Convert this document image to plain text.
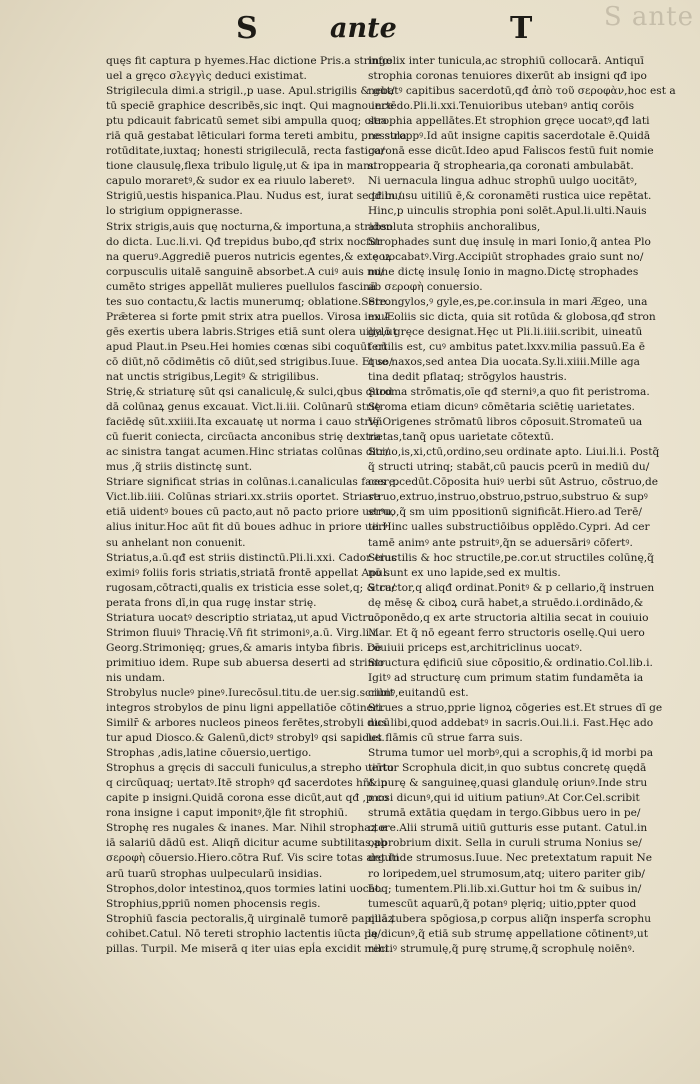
S ante
S	ante	T
quęs fit captura p hyemes.Hac dictione Pris.a stringo
uel a gręco σλεγγὶς deduci existimat.
Strigilecula dimi.a strigil.,p uase. Apul.strigilis & gut/
tū speciē graphice describēs,sic inqt. Qui magno ince
ptu pdicauit fabricatū semet sibi ampulla quoq; olea
riā quā gestabat lēticulari forma tereti ambitu, pressula
rotūditate,iuxtaq; honesti strigileculā, recta fastiga/
tione clausulę,flexa tribulo ligulę,ut & ipa in manu
capulo moraretꝰ,& sudor ex ea riuulo laberetꝰ.
Strigiū,uestis hispanica.Plau. Nudus est, iurat se tribu/
lo strigium oppignerasse.
Strix strigis,auis quę nocturna,& importuna,a striden
do dicta. Luc.li.vi. Qđ trepidus bubo,qđ strix nocfur
na queruꝰ.Aggrediē pueros nutricis egentes,& ex eoꝝ
corpusculis uitalē sanguinē absorbet.A cuiꝰ auis no/
cumēto striges appellāt mulieres puellulos fascinā
tes suo contactu,& lactis munerumq; oblatione.Sere.
Prǣterea si forte pmit strix atra puellos. Virosa imul
gēs exertis ubera labris.Striges etiā sunt olera uilia,ut
apud Plaut.in Pseu.Hei homies cœnas sibi coquūt cū
cō diūt,nō cōdimētis cō diūt,sed strigibus.Iuue. Et so/
nat unctis strigibus,Legitꝰ & strigilibus.
Strię,& striaturę sūt qsi canaliculę,& sulci,qbus quod
dā colūnaꝝ genus excauat. Vict.li.iii. Colūnarū strię
faciēdę sūt.xxiiii.Ita excauatę ut norma i cauo strię
cū fuerit coniecta, circūacta anconibus strię dextra
ac sinistra tangat acumen.Hinc striatas colūnas dici/
mus ,q̃ striis distinctę sunt.
Striare significat strias in colūnas.i.canaliculas facere.
Vict.lib.iiii. Colūnas striari.xx.striis oportet. Striare
etiā uidentꝰ boues cū pacto,aut nō pacto priore uerꝰu,
alius initur.Hoc aūt fit dū boues adhuc in priore uerꝰ
su anhelant non conuenit.
Striatus,a.ū.qđ est striis distinctū.Pli.li.xxi. Cador eius
eximiꝰ foliis foris striatis,striatā frontē appellat Apul.
rugosam,cōtracti,qualis ex tristicia esse solet,q; & ca/
perata frons dī,in qua rugę instar strię.
Striatura uocatꝰ descriptio striataꝝ,ut apud Victru.
Strimon fluuiꝰ Thracię.Vñ fit strimoniꝰ,a.ū. Virg.li.i.
Georg.Strimonięq; grues,& amaris intyba fibris. De
primitiuo idem. Rupe sub abuersa deserti ad strimo
nis undam.
Strobylus nucleꝰ pineꝰ.Iurecōsul.titu.de uer.sig.scribit
integros strobylos de pinu ligni appellatiōe cōtineri.
Similr̄ & arbores nucleos pineos ferētes,strobyli dicū
tur apud Diosco.& Galenū,dictꝰ strobylꝰ qsi sapidus.
Strophas ,adis,latine cōuersio,uertigo.
Strophus a gręcis di sacculi funiculus,a strepho uerto
q circūquaq; uertatꝰ.Itē strophꝰ qđ sacerdotes hñt in
capite p insigni.Quidā corona esse dicūt,aut qđ ,p co
rona insigne i caput imponitꝰ,q̃le fit strophiū.
Strophę res nugales & inanes. Mar. Nihil strophaꝝ e
iā salariū dādū est. Aliqñ dicitur acume subtilitas,ab
σεροφὴ cōuersio.Hiero.cōtra Ruf. Vis scire totas arguti
arū tuarū strophas uulpecularū insidias.
Strophos,dolor intestinoꝝ,quos tormies latini uocāt.
Strophius,ppriū nomen phocensis regis.
Strophiū fascia pectoralis,q̃ uirginalē tumorē papillaꝝ
cohibet.Catul. Nō tereti strophio lactentis iūcta pa/
pillas. Turpil. Me miserā q iter uias epĺa excidit mihi
infœlix inter tunicula,ac strophiū collocarā. Antiquī
strophia coronas tenuiores dixerūt ab insigni qđ ipo
nebatꝰ capitibus sacerdotū,qđ ἀπὸ τοῦ σεροφὰν,hoc est a
uertēdo.Pli.li.xxi.Tenuioribus utebanꝰ antiq corōis
strophia appellātes.Et strophion gręce uocatꝰ,qđ lati
ne stroppꝰ.Id aūt insigne capitis sacerdotale ē.Quidā
coronā esse dicūt.Ideo apud Faliscos festū fuit nomie
stroppearia q̃ strophearia,qa coronati ambulabāt.
Ni uernacula lingua adhuc strophū uulgo uocitātꝰ,
qđ in usu uitiliū ē,& coronamēti rustica uice repētat.
Hinc,p uinculis strophia poni solēt.Apul.li.ulti.Nauis
absoluta strophiis anchoralibus,
Strophades sunt duę insulę in mari Ionio,q̃ antea Plo
tę uocabatꝰ.Virg.Accipiūt strophades graio sunt no/
mine dictę insulę Ionio in magno.Dictę strophades
ab σεροφὴ conuersio.
Strongylos,ꝰ gyle,es,pe.cor.insula in mari Ægeo, una
ex Æoliis sic dicta, quia sit rotūda & globosa,qđ stron
gylō gręce designat.Hęc ut Pli.li.iiii.scribit, uineatū
fertilis est, cuꝰ ambitus patet.lxxv.milia passuū.Ea ē
que naxos,sed antea Dia uocata.Sy.li.xiiii.Mille aga
tina dedit pflataq; strōgylos haustris.
Stroma strōmatis,oīe qđ sterniꝰ,a quo fit peristroma.
Stroma etiam dicunꝰ cōmētaria sciētię uarietates.
VñOrigenes strōmatū libros cōposuit.Stromateū ua
rietas,tanq̃ opus uarietate cōtextū.
Struo,is,xi,ctū,ordino,seu ordinate apto. Liui.li.i. Postq̃
q̃ structi utrinq; stabāt,cū paucis pcerū in mediū du/
ces ,pcedūt.Cōposita huiꝰ uerbi sūt Astruo, cōstruo,de
struo,extruo,instruo,obstruo,pstruo,substruo & supꝰ
struo,q̃ sm uim ppositionū significāt.Hiero.ad Terē/
tii.Hinc ualles substructiōibus opplēdo.Cypri. Ad cer
tamē animꝰ ante pstruitꝰ,q̃n se aduersāriꝰ cōfertꝰ.
Structilis & hoc structile,pe.cor.ut structiles colūnę,q̃
nō sunt ex uno lapide,sed ex multis.
Structor,q aliqđ ordinat.Ponitꝰ & p cellario,q̃ instruen
dę mēsę & ciboꝝ curā habet,a struēdo.i.ordinādo,&
cōponēdo,q ex arte structoria altilia secat in couiuio
Mar. Et q̃ nō egeant ferro structoris osellę.Qui uero
cōuiuii priceps est,architriclinus uocatꝰ.
Structura ędificiū siue cōpositio,& ordinatio.Col.lib.i.
Igitꝰ ad structurę cum primum statim fundamēta ia
ciunꝰ,euitandū est.
Strues a struo,pprie lignoꝝ cōgeries est.Et strues dī ge
nus libi,quod addebatꝰ in sacris.Oui.li.i. Fast.Hęc ado
let flāmis cū strue farra suis.
Struma tumor uel morbꝰ,qui a scrophis,q̃ id morbi pa
tiūtur Scrophula dicit,in quo subtus concretę quędā
& purę & sanguineę,quasi glandulę oriunꝰ.Inde stru
mosi dicunꝰ,qui id uitium patiunꝰ.At Cor.Cel.scribit
strumā extātia quędam in tergo.Gibbus uero in pe/
ctore.Alii strumā uitiū gutturis esse putant. Catul.in
opprobrium dixit. Sella in curuli struma Nonius se/
det.Inde strumosus.Iuue. Nec pretextatum rapuit Ne
ro loripedem,uel strumosum,atq; uitero pariter gib/
boq; tumentem.Pli.lib.xi.Guttur hoi tm & suibus in/
tumescūt aquarū,q̃ potanꝰ plęriq; uitio,ppter quod
quā tubera spōgiosa,p corpus aliq̃n insperfa scrophu
lę dicunꝰ,q̃ etiā sub strumę appellatione cōtinentꝰ,ut
rectiꝰ strumulę,q̃ purę strumę,q̃ scrophulę noiēnꝰ.
